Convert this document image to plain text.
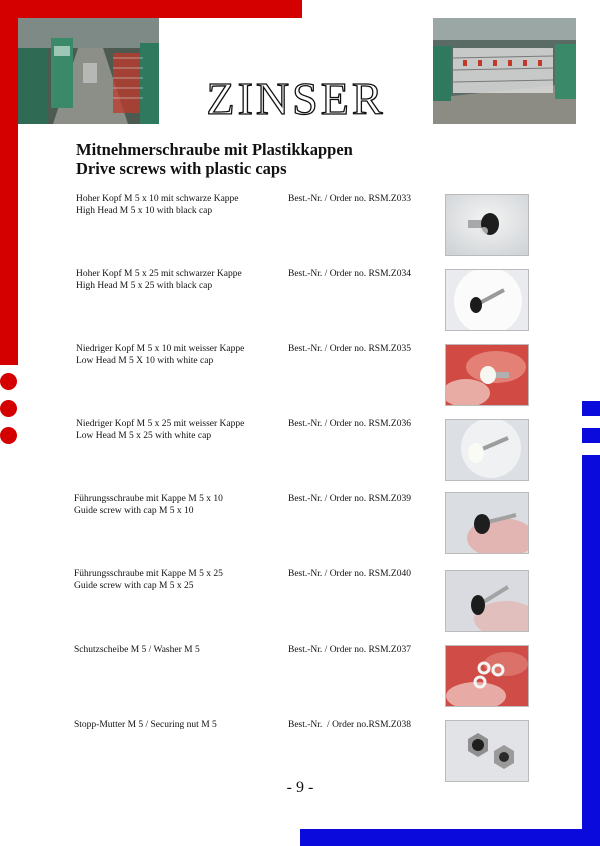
ZINSER
Mitnehmerschraube mit Plastikkappen
Drive screws with plastic caps
Hoher Kopf M 5 x 10 mit schwarze Kappe
High Head M 5 x 10 with black cap
Best.-Nr. / Order no. RSM.Z033
Hoher Kopf M 5 x 25 mit schwarzer Kappe
High Head M 5 x 25 with black cap
Best.-Nr. / Order no. RSM.Z034
Niedriger Kopf M 5 x 10 mit weisser Kappe
Low Head M 5 X 10 with white cap
Best.-Nr. / Order no. RSM.Z035
Niedriger Kopf M 5 x 25 mit weisser Kappe
Low Head M 5 x 25 with white cap
Best.-Nr. / Order no. RSM.Z036
Führungsschraube mit Kappe M 5 x 10
Guide screw with cap M 5 x 10
Best.-Nr. / Order no. RSM.Z039
Führungsschraube mit Kappe M 5 x 25
Guide screw with cap M 5 x 25
Best.-Nr. / Order no. RSM.Z040
Schutzscheibe M 5 / Washer M 5	Best.-Nr. / Order no. RSM.Z037
Stopp-Mutter M 5 / Securing nut M 5	Best.-Nr.  / Order no.RSM.Z038
- 9 -
